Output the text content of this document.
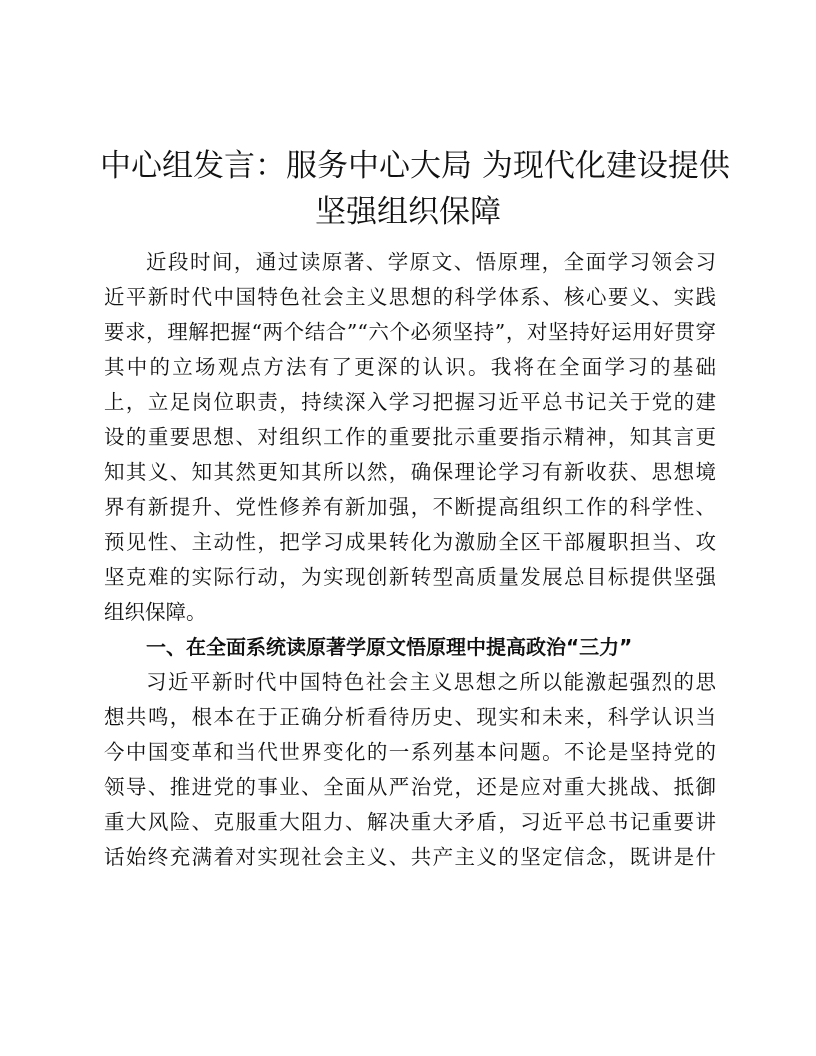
中心组发言：服务中心大局 为现代化建设提供
坚强组织保障
近段时间，通过读原著、学原文、悟原理，全面学习领会习
近平新时代中国特色社会主义思想的科学体系、核心要义、实践
要求，理解把握“两个结合”“六个必须坚持”，对坚持好运用好贯穿
其中的立场观点方法有了更深的认识。我将在全面学习的基础
上，立足岗位职责，持续深入学习把握习近平总书记关于党的建
设的重要思想、对组织工作的重要批示重要指示精神，知其言更
知其义、知其然更知其所以然，确保理论学习有新收获、思想境
界有新提升、党性修养有新加强，不断提高组织工作的科学性、
预见性、主动性，把学习成果转化为激励全区干部履职担当、攻
坚克难的实际行动，为实现创新转型高质量发展总目标提供坚强
组织保障。
一、在全面系统读原著学原文悟原理中提高政治“三力”
习近平新时代中国特色社会主义思想之所以能激起强烈的思
想共鸣，根本在于正确分析看待历史、现实和未来，科学认识当
今中国变革和当代世界变化的一系列基本问题。不论是坚持党的
领导、推进党的事业、全面从严治党，还是应对重大挑战、抵御
重大风险、克服重大阻力、解决重大矛盾，习近平总书记重要讲
话始终充满着对实现社会主义、共产主义的坚定信念，既讲是什
